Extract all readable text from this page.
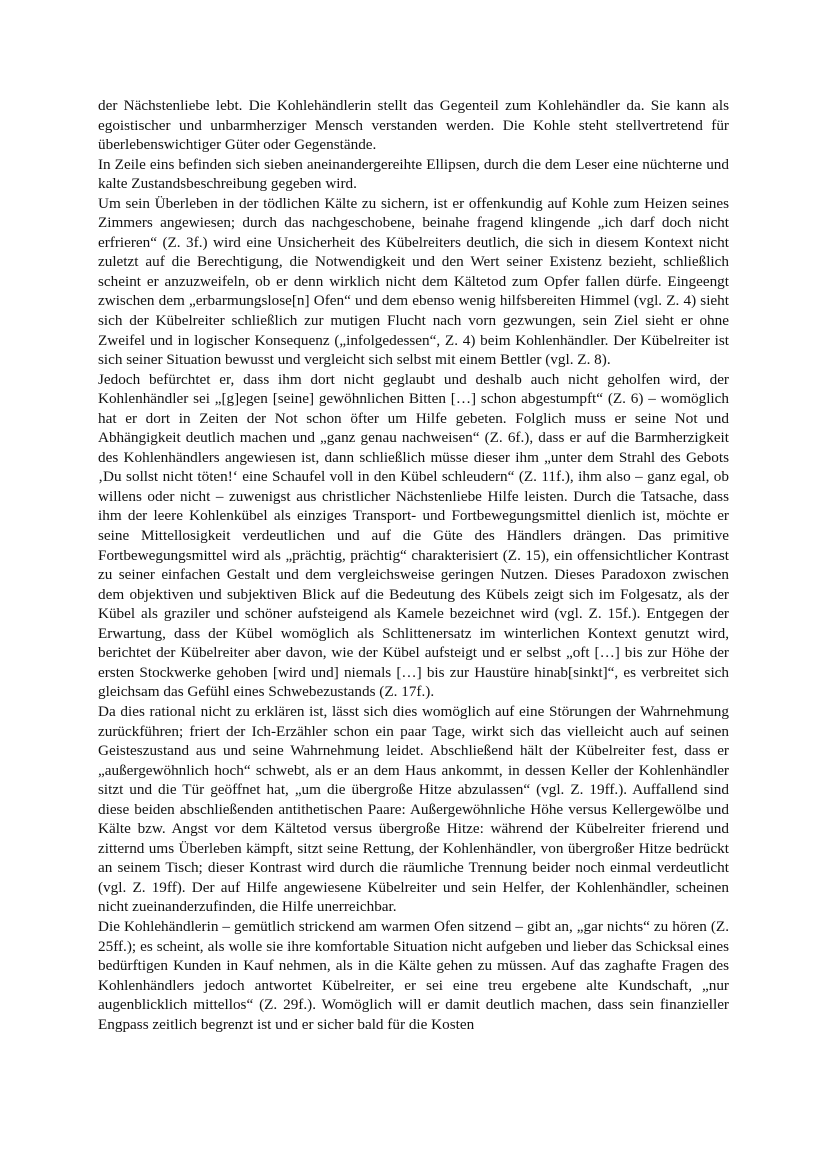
der Nächstenliebe lebt. Die Kohlehändlerin stellt das Gegenteil zum Kohlehändler da. Sie kann als egoistischer und unbarmherziger Mensch verstanden werden. Die Kohle steht stellvertretend für überlebenswichtiger Güter oder Gegenstände.

In Zeile eins befinden sich sieben aneinandergereihte Ellipsen, durch die dem Leser eine nüchterne und kalte Zustandsbeschreibung gegeben wird.

Um sein Überleben in der tödlichen Kälte zu sichern, ist er offenkundig auf Kohle zum Heizen seines Zimmers angewiesen; durch das nachgeschobene, beinahe fragend klingende „ich darf doch nicht erfrieren“ (Z. 3f.) wird eine Unsicherheit des Kübelreiters deutlich, die sich in diesem Kontext nicht zuletzt auf die Berechtigung, die Notwendigkeit und den Wert seiner Existenz bezieht, schließlich scheint er anzuzweifeln, ob er denn wirklich nicht dem Kältetod zum Opfer fallen dürfe. Eingeengt zwischen dem „erbarmungslose[n] Ofen“ und dem ebenso wenig hilfsbereiten Himmel (vgl. Z. 4) sieht sich der Kübelreiter schließlich zur mutigen Flucht nach vorn gezwungen, sein Ziel sieht er ohne Zweifel und in logischer Konsequenz („infolgedessen“, Z. 4) beim Kohlenhändler. Der Kübelreiter ist sich seiner Situation bewusst und vergleicht sich selbst mit einem Bettler (vgl. Z. 8).

Jedoch befürchtet er, dass ihm dort nicht geglaubt und deshalb auch nicht geholfen wird, der Kohlenhändler sei „[g]egen [seine] gewöhnlichen Bitten […] schon abgestumpft“ (Z. 6) – womöglich hat er dort in Zeiten der Not schon öfter um Hilfe gebeten. Folglich muss er seine Not und Abhängigkeit deutlich machen und „ganz genau nachweisen“ (Z. 6f.), dass er auf die Barmherzigkeit des Kohlenhändlers angewiesen ist, dann schließlich müsse dieser ihm „unter dem Strahl des Gebots ‚Du sollst nicht töten!‘ eine Schaufel voll in den Kübel schleudern“ (Z. 11f.), ihm also – ganz egal, ob willens oder nicht – zuwenigst aus christlicher Nächstenliebe Hilfe leisten. Durch die Tatsache, dass ihm der leere Kohlenkübel als einziges Transport- und Fortbewegungsmittel dienlich ist, möchte er seine Mittellosigkeit verdeutlichen und auf die Güte des Händlers drängen. Das primitive Fortbewegungsmittel wird als „prächtig, prächtig“ charakterisiert (Z. 15), ein offensichtlicher Kontrast zu seiner einfachen Gestalt und dem vergleichsweise geringen Nutzen. Dieses Paradoxon zwischen dem objektiven und subjektiven Blick auf die Bedeutung des Kübels zeigt sich im Folgesatz, als der Kübel als graziler und schöner aufsteigend als Kamele bezeichnet wird (vgl. Z. 15f.). Entgegen der Erwartung, dass der Kübel womöglich als Schlittenersatz im winterlichen Kontext genutzt wird, berichtet der Kübelreiter aber davon, wie der Kübel aufsteigt und er selbst „oft […] bis zur Höhe der ersten Stockwerke gehoben [wird und] niemals […] bis zur Haustüre hinab[sinkt]“, es verbreitet sich gleichsam das Gefühl eines Schwebezustands (Z. 17f.).

Da dies rational nicht zu erklären ist, lässt sich dies womöglich auf eine Störungen der Wahrnehmung zurückführen; friert der Ich-Erzähler schon ein paar Tage, wirkt sich das vielleicht auch auf seinen Geisteszustand aus und seine Wahrnehmung leidet. Abschließend hält der Kübelreiter fest, dass er „außergewöhnlich hoch“ schwebt, als er an dem Haus ankommt, in dessen Keller der Kohlenhändler sitzt und die Tür geöffnet hat, „um die übergroße Hitze abzulassen“ (vgl. Z. 19ff.). Auffallend sind diese beiden abschließenden antithetischen Paare: Außergewöhnliche Höhe versus Kellergewölbe und Kälte bzw. Angst vor dem Kältetod versus übergroße Hitze: während der Kübelreiter frierend und zitternd ums Überleben kämpft, sitzt seine Rettung, der Kohlenhändler, von übergroßer Hitze bedrückt an seinem Tisch; dieser Kontrast wird durch die räumliche Trennung beider noch einmal verdeutlicht (vgl. Z. 19ff). Der auf Hilfe angewiesene Kübelreiter und sein Helfer, der Kohlenhändler, scheinen nicht zueinanderzufinden, die Hilfe unerreichbar.

Die Kohlehändlerin – gemütlich strickend am warmen Ofen sitzend – gibt an, „gar nichts“ zu hören (Z. 25ff.); es scheint, als wolle sie ihre komfortable Situation nicht aufgeben und lieber das Schicksal eines bedürftigen Kunden in Kauf nehmen, als in die Kälte gehen zu müssen. Auf das zaghafte Fragen des Kohlenhändlers jedoch antwortet Kübelreiter, er sei eine treu ergebene alte Kundschaft, „nur augenblicklich mittellos“ (Z. 29f.). Womöglich will er damit deutlich machen, dass sein finanzieller Engpass zeitlich begrenzt ist und er sicher bald für die Kosten
